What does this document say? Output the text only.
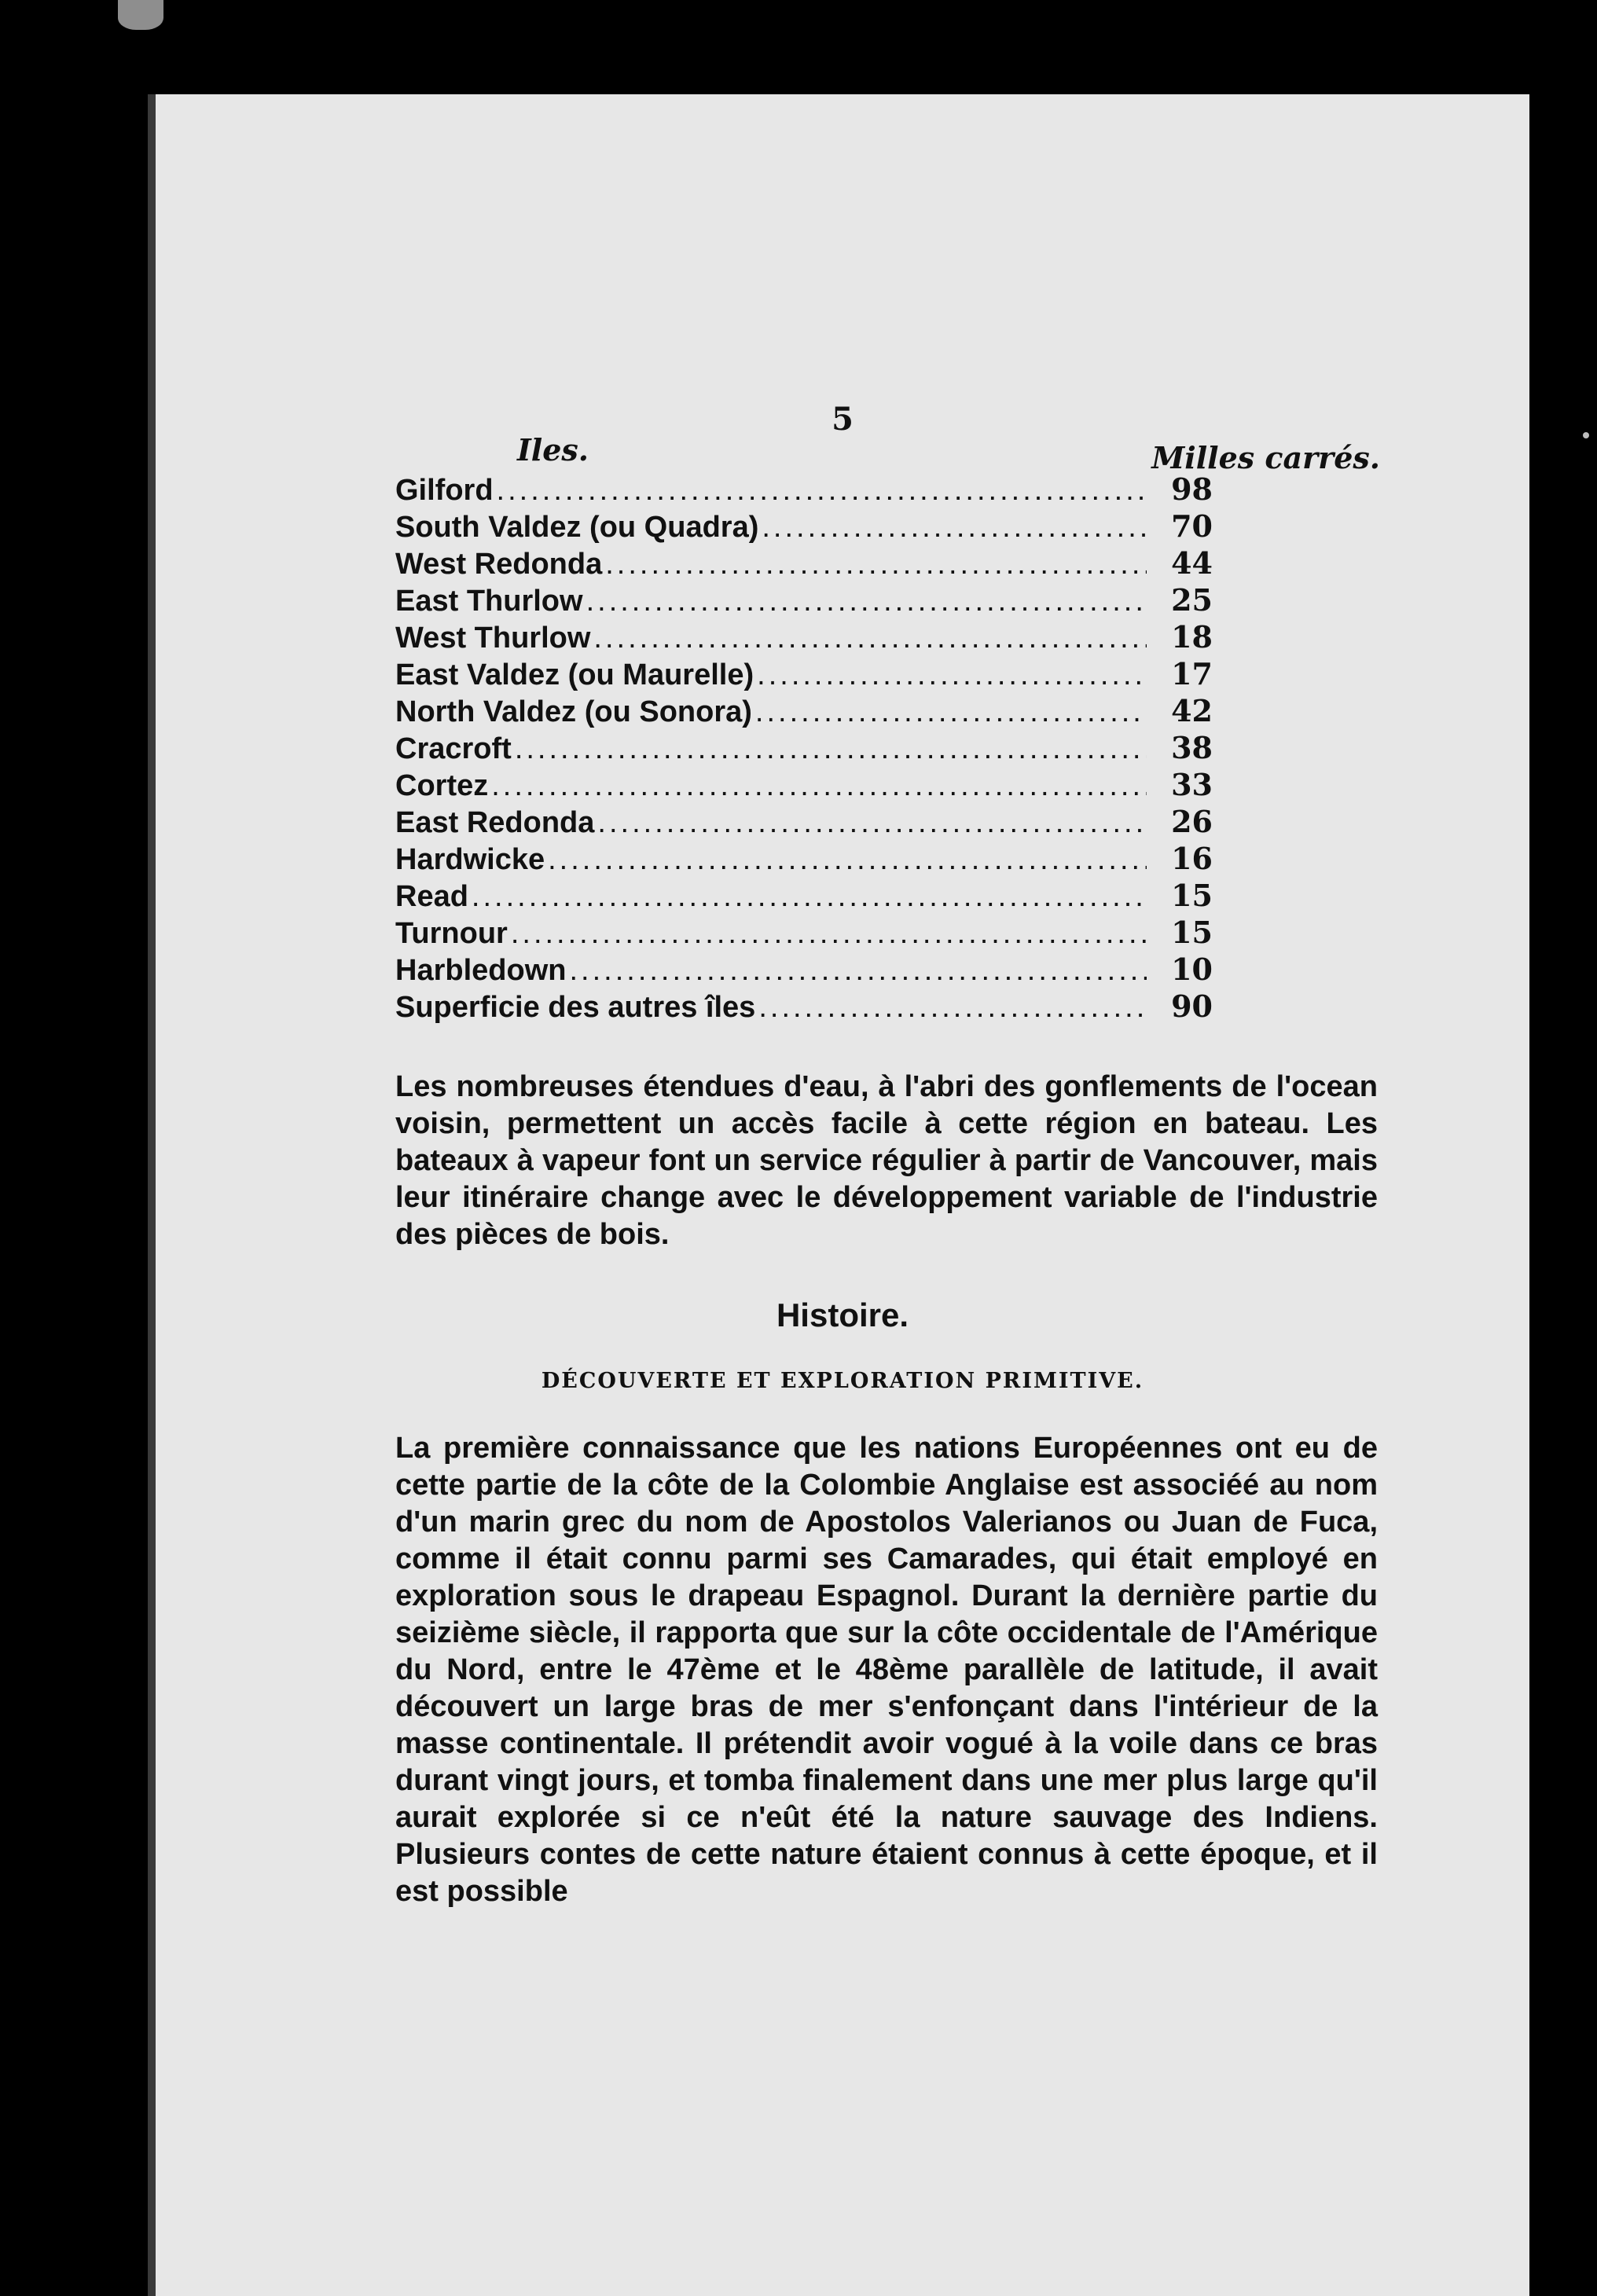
5
Iles.	Milles carrés.
Gilford .....	98
South Valdez (ou Quadra) .....	70
West Redonda .....	44
East Thurlow .....	25
West Thurlow .....	18
East Valdez (ou Maurelle) .....	17
North Valdez (ou Sonora) .....	42
Cracroft .....	38
Cortez .....	33
East Redonda .....	26
Hardwicke .....	16
Read .....	15
Turnour .....	15
Harbledown .....	10
Superficie des autres îles .....	90
Les nombreuses étendues d'eau, à l'abri des gonflements de l'ocean voisin, permettent un accès facile à cette région en bateau. Les bateaux à vapeur font un service régulier à partir de Vancouver, mais leur itinéraire change avec le développement variable de l'industrie des pièces de bois.
Histoire.
DÉCOUVERTE ET EXPLORATION PRIMITIVE.
La première connaissance que les nations Européennes ont eu de cette partie de la côte de la Colombie Anglaise est associéé au nom d'un marin grec du nom de Apostolos Valerianos ou Juan de Fuca, comme il était connu parmi ses Camarades, qui était employé en exploration sous le drapeau Espagnol. Durant la dernière partie du seizième siècle, il rapporta que sur la côte occidentale de l'Amérique du Nord, entre le 47ème et le 48ème parallèle de latitude, il avait découvert un large bras de mer s'enfonçant dans l'intérieur de la masse continentale. Il prétendit avoir vogué à la voile dans ce bras durant vingt jours, et tomba finalement dans une mer plus large qu'il aurait explorée si ce n'eût été la nature sauvage des Indiens. Plusieurs contes de cette nature étaient connus à cette époque, et il est possible
